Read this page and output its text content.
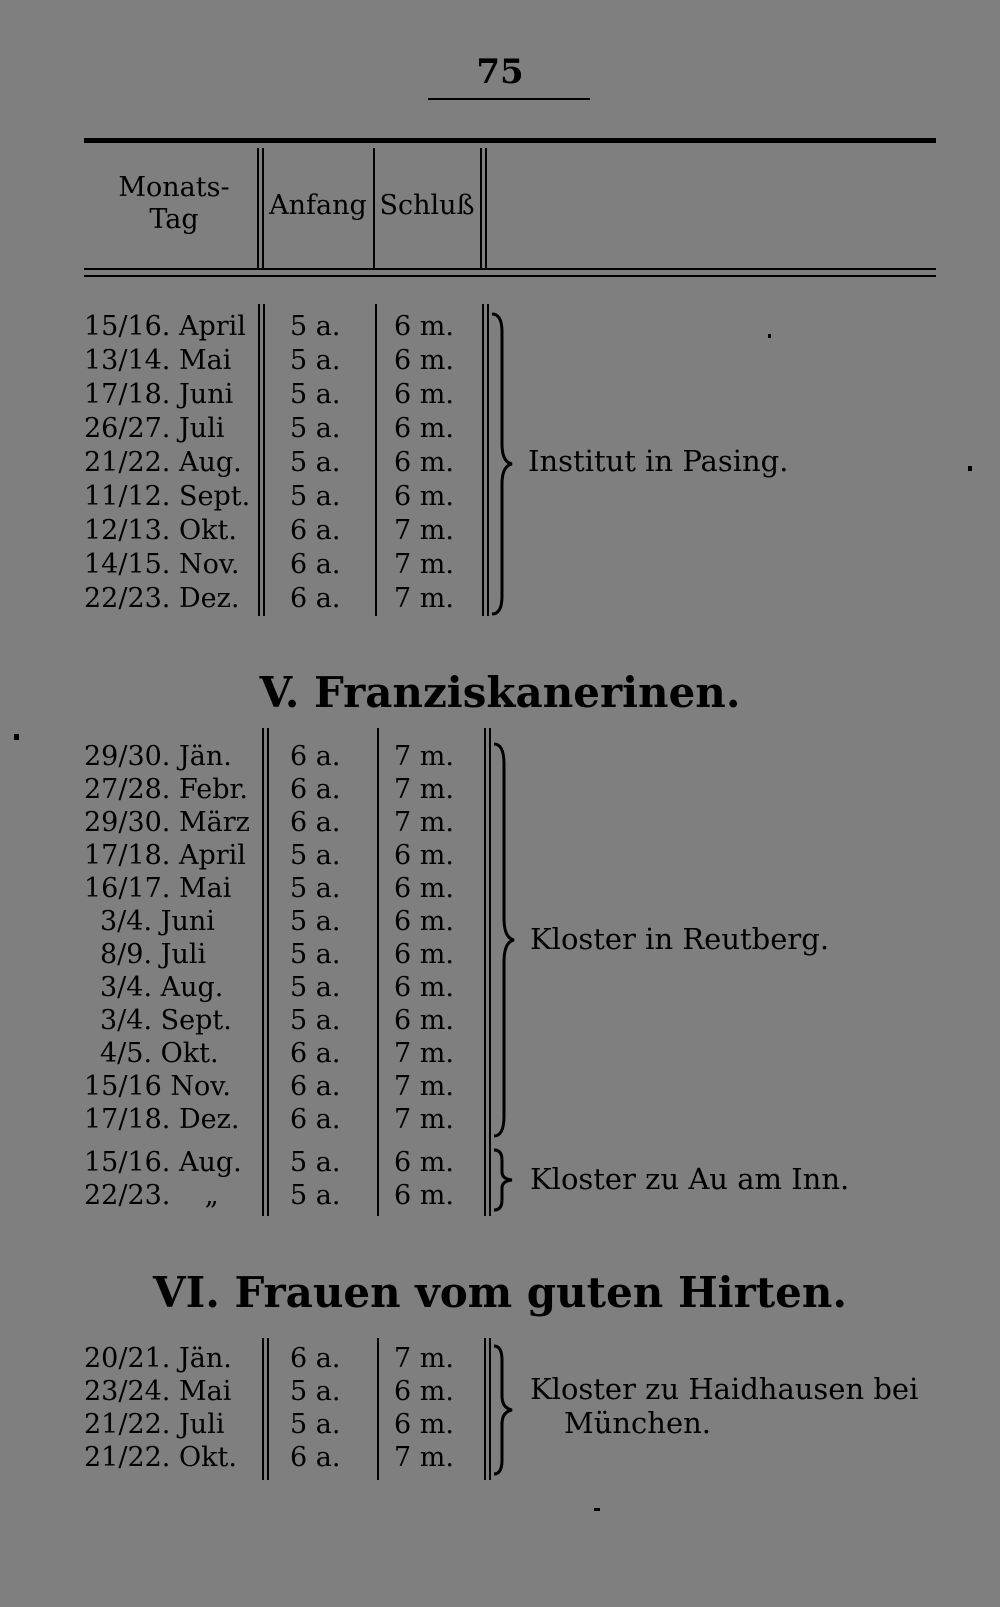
75
Monats-
Tag	Anfang Schluß
15/16. April 5 a. 6 m.
13/14. Mai 5 a. 6 m.
17/18. Juni 5 a. 6 m.
26/27. Juli 5 a. 6 m.
21/22. Aug. 5 a. 6 m.
11/12. Sept. 5 a. 6 m.
12/13. Okt. 6 a. 7 m.
14/15. Nov. 6 a. 7 m.
22/23. Dez. 6 a. 7 m.
Institut in Pasing.
V. Franziskanerinen.
29/30. Jän. 6 a. 7 m.
27/28. Febr. 6 a. 7 m.
29/30. März 6 a. 7 m.
17/18. April 5 a. 6 m.
16/17. Mai 5 a. 6 m.
3/4. Juni	5 a. 6 m.
8/9. Juli	5 a. 6 m.
3/4. Aug. 5 a. 6 m.
3/4. Sept. 5 a. 6 m.
4/5. Okt.	6 a. 7 m.
15/16 Nov. 6 a. 7 m.
17/18. Dez. 6 a. 7 m.
Kloster in Reutberg.
15/16. Aug. 5 a. 6 m.
22/23.    „	5 a. 6 m.	Kloster zu Au am Inn.
VI. Frauen vom guten Hirten.
20/21. Jän. 6 a. 7 m.
23/24. Mai 5 a. 6 m.
21/22. Juli 5 a. 6 m.
21/22. Okt. 6 a. 7 m.
Kloster zu Haidhausen bei
München.
